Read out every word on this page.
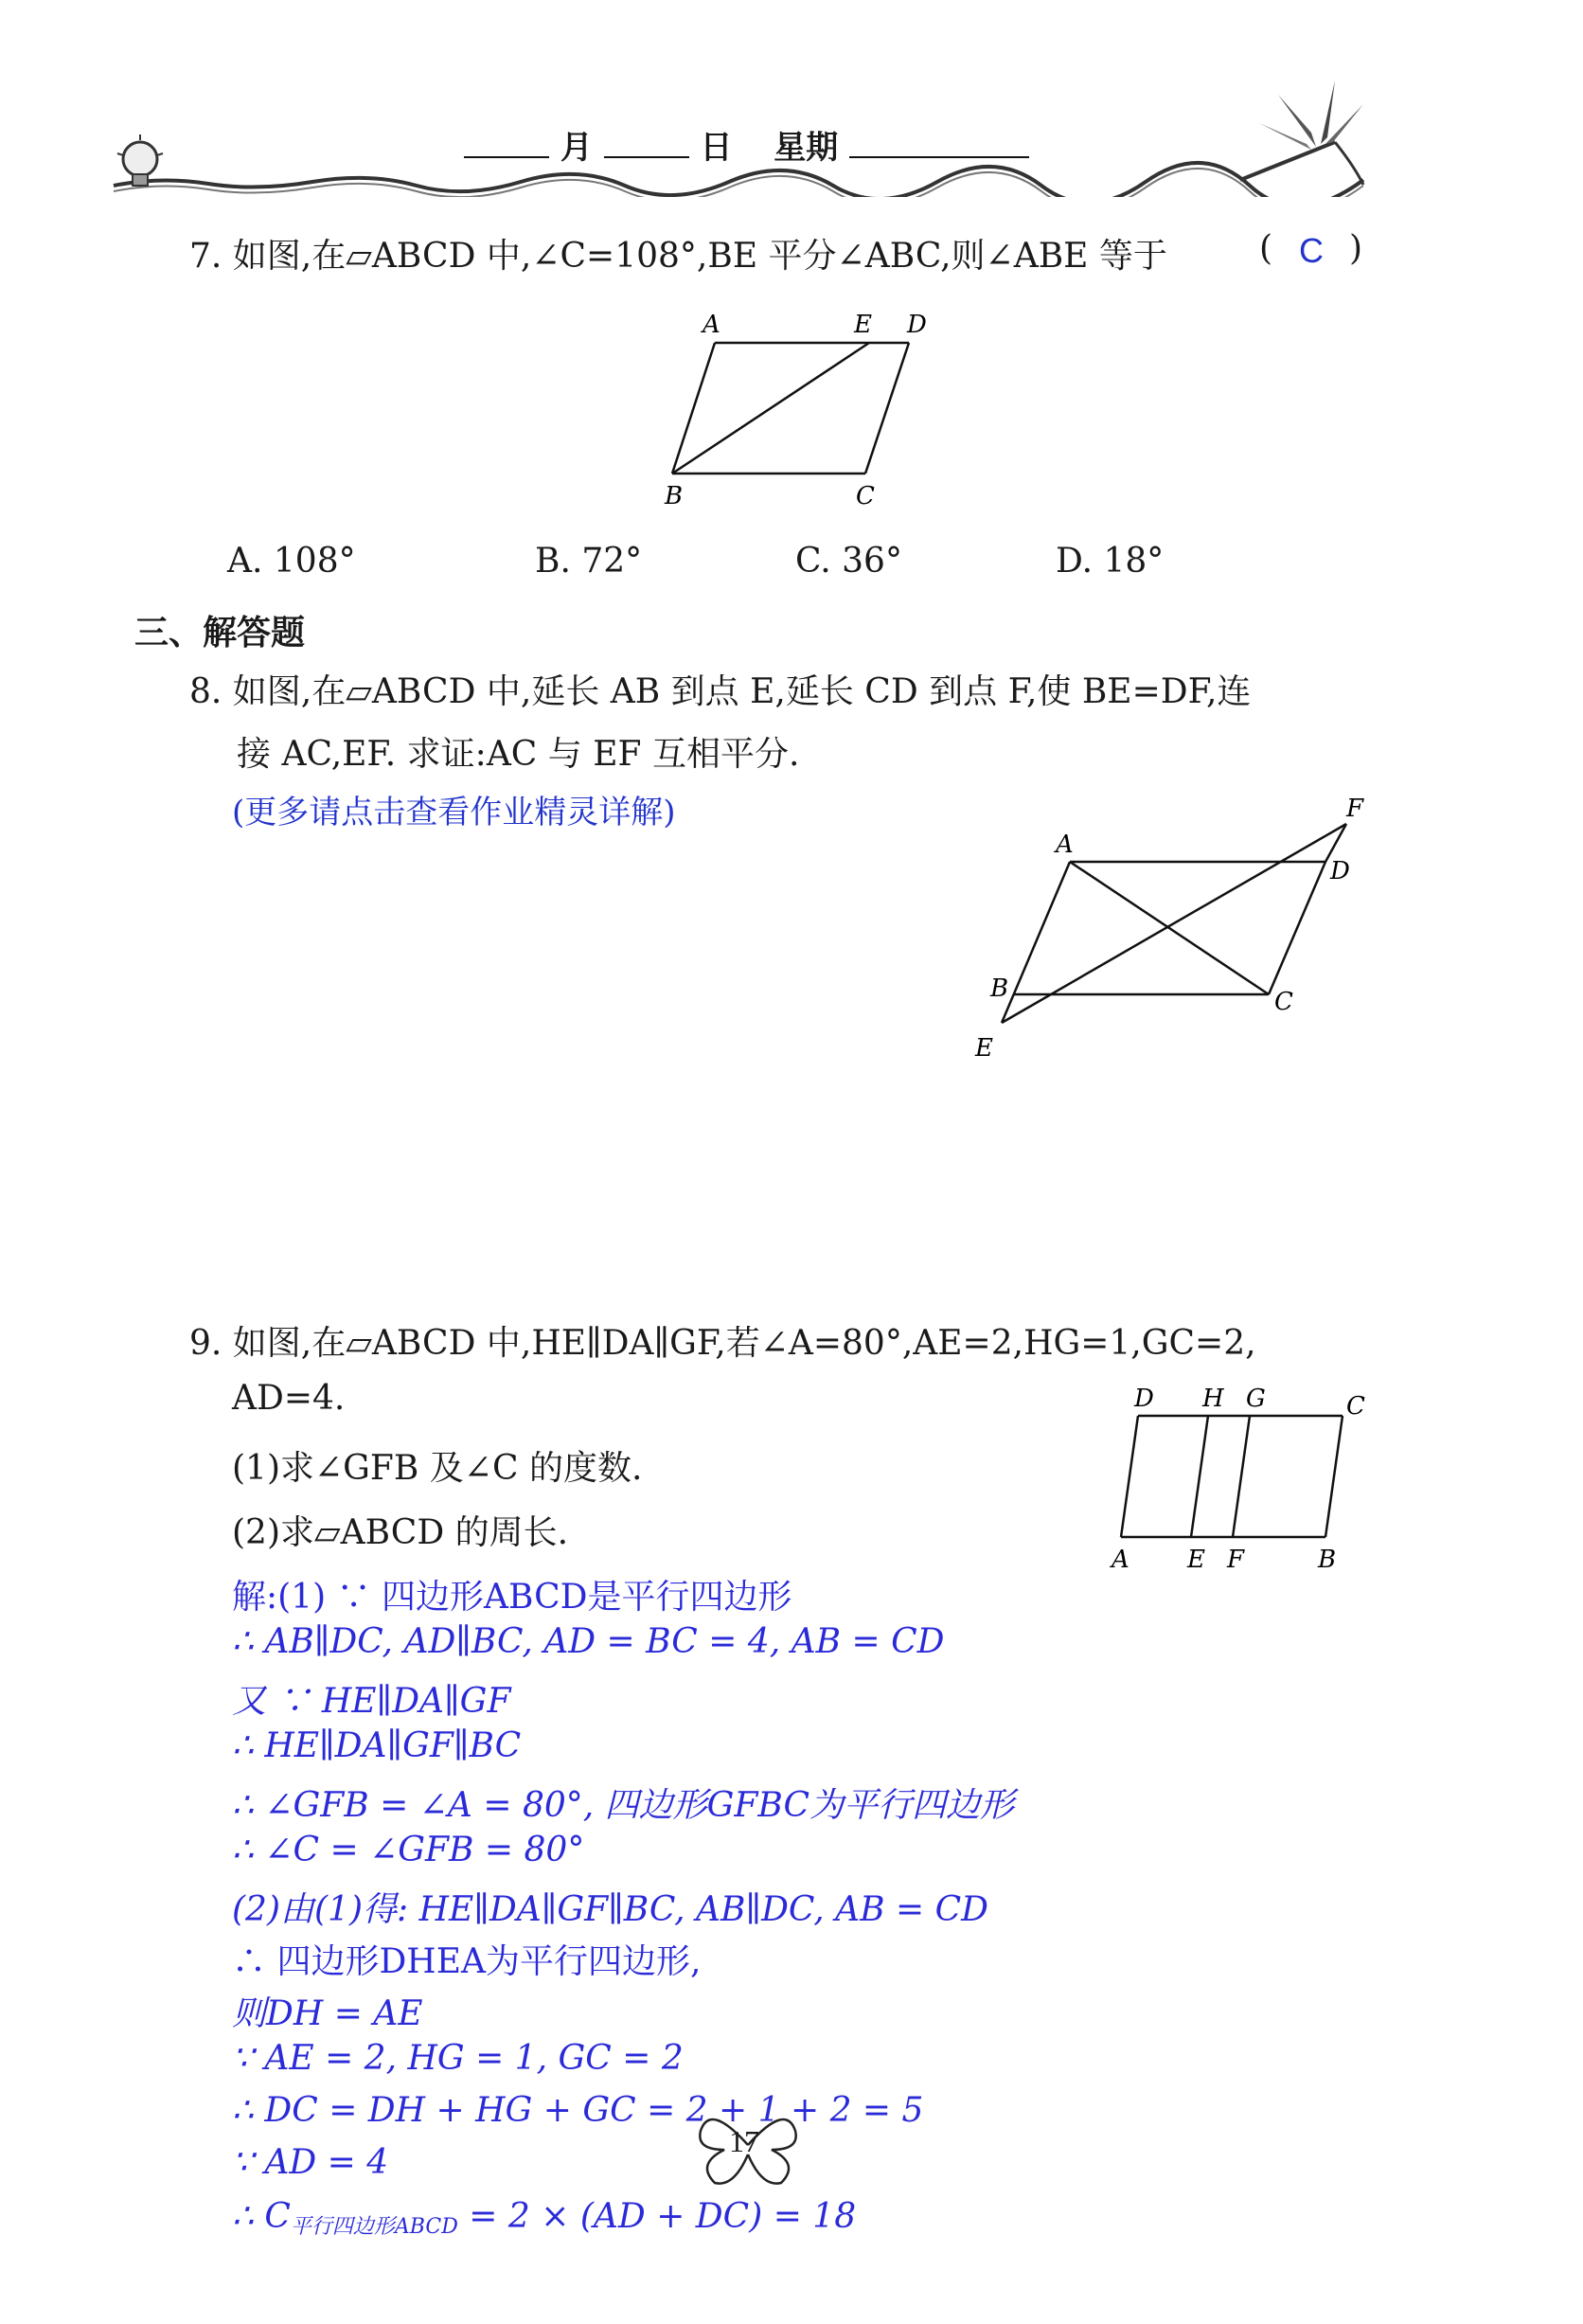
月	日 星期
7. 如图,在▱ABCD 中,∠C=108°,BE 平分∠ABC,则∠ABE 等于	( C )
A	E D
B	C
A. 108°	B. 72°	C. 36°	D. 18°
三、解答题
8. 如图,在▱ABCD 中,延长 AB 到点 E,延长 CD 到点 F,使 BE=DF,连
接 AC,EF. 求证:AC 与 EF 互相平分.
(更多请点击查看作业精灵详解)	F
A
D
B	C
E
9. 如图,在▱ABCD 中,HE∥DA∥GF,若∠A=80°,AE=2,HG=1,GC=2,
AD=4.
(1)求∠GFB 及∠C 的度数.
(2)求▱ABCD 的周长.
D H G	C
A E F	B
解:(1) ∵ 四边形ABCD是平行四边形
∴ AB∥DC, AD∥BC, AD = BC = 4, AB = CD
又 ∵ HE∥DA∥GF
∴ HE∥DA∥GF∥BC
∴ ∠GFB = ∠A = 80°, 四边形GFBC为平行四边形
∴ ∠C = ∠GFB = 80°
(2)由(1)得: HE∥DA∥GF∥BC, AB∥DC, AB = CD
∴ 四边形DHEA为平行四边形,
则DH = AE
∵ AE = 2, HG = 1, GC = 2
∴ DC = DH + HG + GC = 2 + 1 + 2 = 5
∵ AD = 4
∴ C平行四边形ABCD = 2 × (AD + DC) = 18
17
